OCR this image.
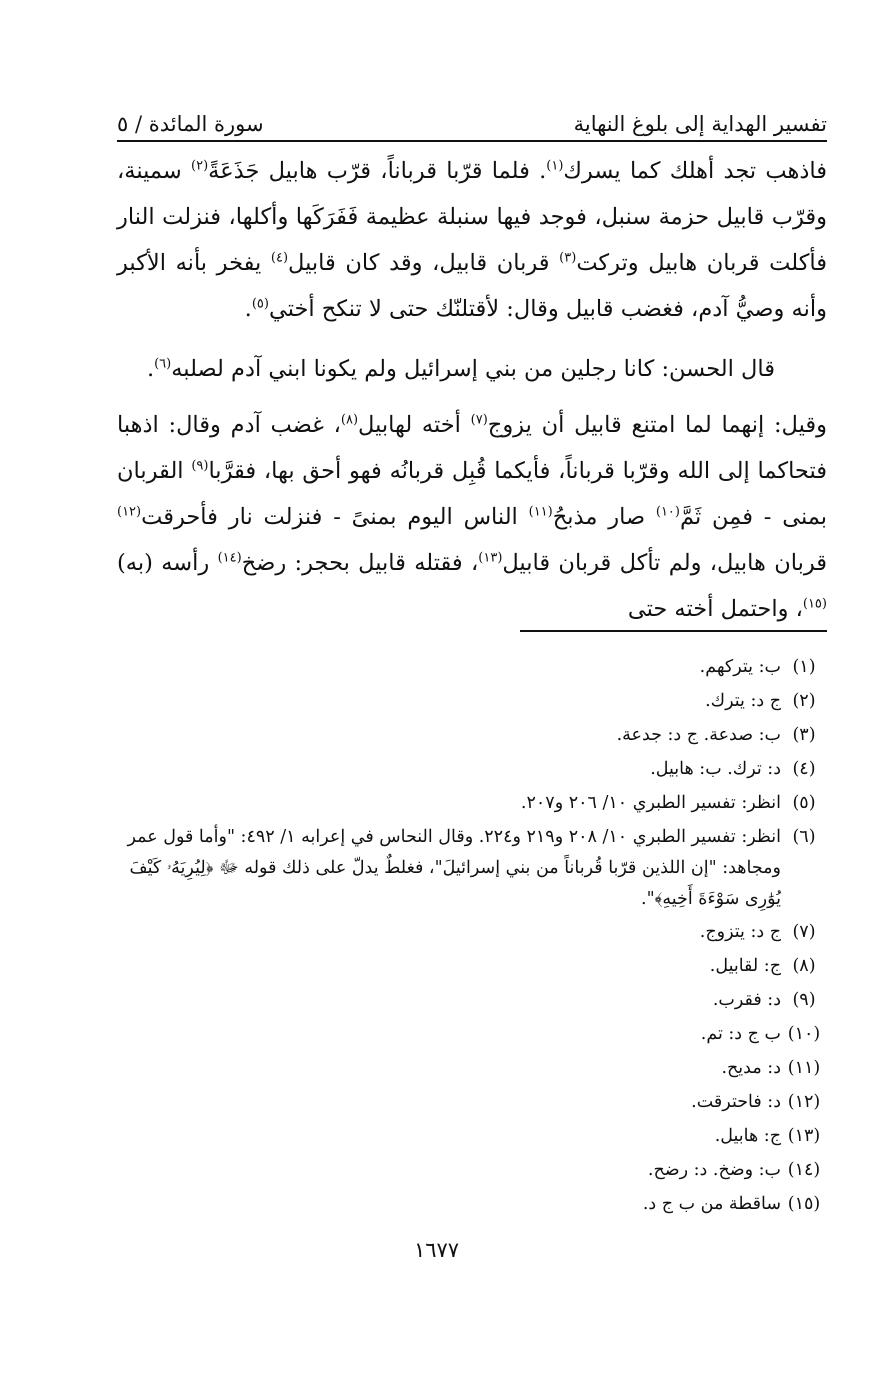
تفسير الهداية إلى بلوغ النهاية
سورة المائدة / ٥

فاذهب تجد أهلك كما يسرك$^{(١)}$. فلما قرّبا قرباناً، قرّب هابيل جَذَعَةً$^{(٢)}$ سمينة، وقرّب قابيل حزمة سنبل، فوجد فيها سنبلة عظيمة فَفَرَكَها وأكلها، فنزلت النار فأكلت قربان هابيل وتركت$^{(٣)}$ قربان قابيل، وقد كان قابيل$^{(٤)}$ يفخر بأنه الأكبر وأنه وصيُّ آدم، فغضب قابيل وقال: لأقتلنّك حتى لا تنكح أختي$^{(٥)}$.

قال الحسن: كانا رجلين من بني إسرائيل ولم يكونا ابني آدم لصلبه$^{(٦)}$.

وقيل: إنهما لما امتنع قابيل أن يزوج$^{(٧)}$ أخته لهابيل$^{(٨)}$، غضب آدم وقال: اذهبا فتحاكما إلى الله وقرّبا قرباناً، فأيكما قُبِل قربانُه فهو أحق بها، فقرَّبا$^{(٩)}$ القربان بمنى - فمِن ثَمَّ$^{(١٠)}$ صار مذبحُ$^{(١١)}$ الناس اليوم بمنىً - فنزلت نار فأحرقت$^{(١٢)}$ قربان هابيل، ولم تأكل قربان قابيل$^{(١٣)}$، فقتله قابيل بحجر: رضخ$^{(١٤)}$ رأسه (به)$^{(١٥)}$، واحتمل أخته حتى

(١)
ب: يتركهم.
(٢)
ج د: يترك.
(٣)
ب: صدعة. ج د: جدعة.
(٤)
د: ترك. ب: هابيل.
(٥)
انظر: تفسير الطبري ١٠/ ٢٠٦ و٢٠٧.
(٦)
انظر: تفسير الطبري ١٠/ ٢٠٨ و٢١٩ و٢٢٤. وقال النحاس في إعرابه ١/ ٤٩٢: "وأما قول عمر ومجاهد: "إن اللذين قرّبا قُرباناً من بني إسرائيلَ"، فغلطٌ يدلّ على ذلك قوله ﷻ ﴿لِيُرِيَهُۥ كَيْفَ يُوَٰرِى سَوْءَةَ أَخِيهِ﴾".
(٧)
ج د: يتزوج.
(٨)
ج: لقابيل.
(٩)
د: فقرب.
(١٠)
ب ج د: تم.
(١١)
د: مديح.
(١٢)
د: فاحترقت.
(١٣)
ج: هابيل.
(١٤)
ب: وضخ. د: رضح.
(١٥)
ساقطة من ب ج د.
١٦٧٧
